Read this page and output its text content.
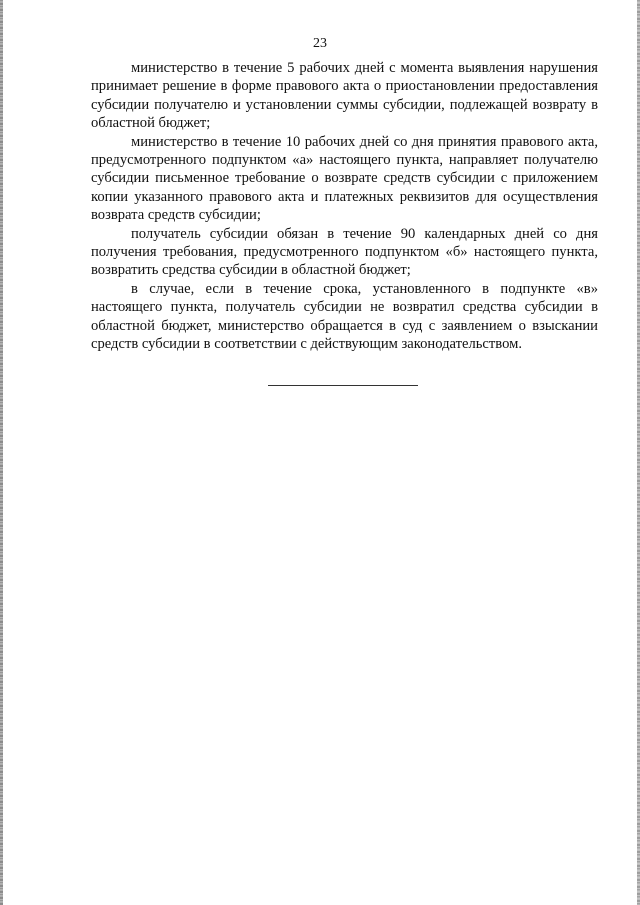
23

министерство в течение 5 рабочих дней с момента выявления нарушения принимает решение в форме правового акта о приостановлении предоставления субсидии получателю и установлении суммы субсидии, подлежащей возврату в областной бюджет;

министерство в течение 10 рабочих дней со дня принятия правового акта, предусмотренного подпунктом «а» настоящего пункта, направляет получателю субсидии письменное требование о возврате средств субсидии с приложением копии указанного правового акта и платежных реквизитов для осуществления возврата средств субсидии;

получатель субсидии обязан в течение 90 календарных дней со дня получения требования, предусмотренного подпунктом «б» настоящего пункта, возвратить средства субсидии в областной бюджет;

в случае, если в течение срока, установленного в подпункте «в» настоящего пункта, получатель субсидии не возвратил средства субсидии в областной бюджет, министерство обращается в суд с заявлением о взыскании средств субсидии в соответствии с действующим законодательством.
